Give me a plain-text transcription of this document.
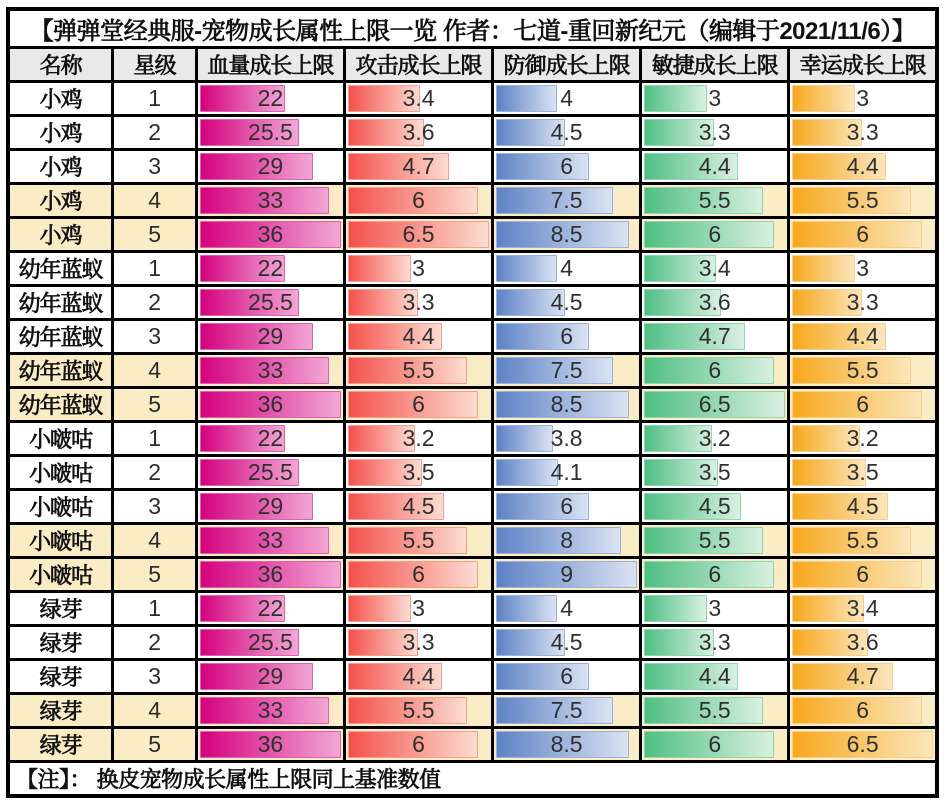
【弹弹堂经典服-宠物成长属性上限一览 作者：七道-重回新纪元（编辑于2021/11/6）】						
名称	星级	血量成长上限	攻击成长上限	防御成长上限	敏捷成长上限	幸运成长上限
小鸡	1	22	3.4	4	3	3

小鸡	2	25.5	3.6	4.5	3.3	3.3

小鸡	3	29	4.7	6	4.4	4.4

小鸡	4	33	6	7.5	5.5	5.5

小鸡	5	36	6.5	8.5	6	6

幼年蓝蚁	1	22	3	4	3.4	3

幼年蓝蚁	2	25.5	3.3	4.5	3.6	3.3

幼年蓝蚁	3	29	4.4	6	4.7	4.4

幼年蓝蚁	4	33	5.5	7.5	6	5.5

幼年蓝蚁	5	36	6	8.5	6.5	6

小啵咕	1	22	3.2	3.8	3.2	3.2

小啵咕	2	25.5	3.5	4.1	3.5	3.5

小啵咕	3	29	4.5	6	4.5	4.5

小啵咕	4	33	5.5	8	5.5	5.5

小啵咕	5	36	6	9	6	6

绿芽	1	22	3	4	3	3.4

绿芽	2	25.5	3.3	4.5	3.3	3.6

绿芽	3	29	4.4	6	4.4	4.7

绿芽	4	33	5.5	7.5	5.5	6

绿芽	5	36	6	8.5	6	6.5

【注】： 换皮宠物成长属性上限同上基准数值						
